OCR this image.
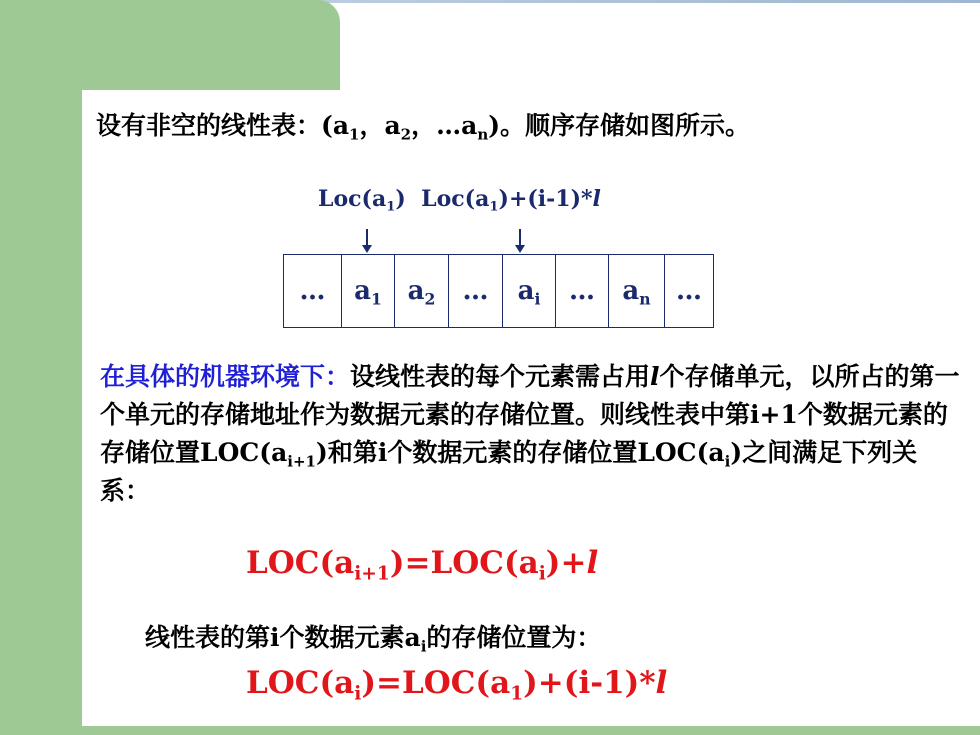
设有非空的线性表：($a_1$，$a_2$，$\dots a_n$)。顺序存储如图所示。
$Loc(a_1)$ $Loc(a_1)+(i-1)*l$
…	$a_1$	$a_2$	…	$a_i$	…	$a_n$	…
在具体的机器环境下：设线性表的每个元素需占用l个存储单元，以所占的第一个单元的存储地址作为数据元素的存储位置。则线性表中第i+1个数据元素的存储位置$LOC(a_{i+1})$和第i个数据元素的存储位置$LOC(a_i)$之间满足下列关系：
$LOC(a_{i+1})=LOC(a_i)+l$
线性表的第i个数据元素$a_i$的存储位置为：
$LOC(a_i)=LOC(a_1)+(i-1)*l$
